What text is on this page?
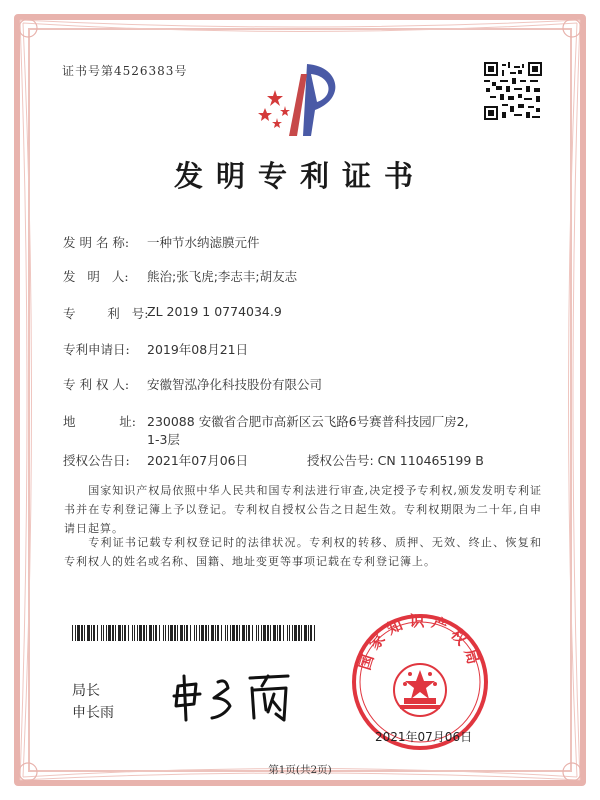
证书号第4526383号
发明专利证书
发 明 名 称: 一种节水纳滤膜元件
发   明   人: 熊治;张飞虎;李志丰;胡友志
专        利   号:
ZL 2019 1 0774034.9
专利申请日: 2019年08月21日
专 利 权 人: 安徽智泓净化科技股份有限公司
地           址: 230088 安徽省合肥市高新区云飞路6号赛普科技园厂房2,
1-3层
授权公告日: 2021年07月06日	授权公告号: CN 110465199 B
国家知识产权局依照中华人民共和国专利法进行审查,决定授予专利权,颁发发明专利证书并在专利登记簿上予以登记。专利权自授权公告之日起生效。专利权期限为二十年,自申请日起算。
专利证书记载专利权登记时的法律状况。专利权的转移、质押、无效、终止、恢复和专利权人的姓名或名称、国籍、地址变更等事项记载在专利登记簿上。
局长
申长雨
国家知识产权局
2021年07月06日
第1页(共2页)
